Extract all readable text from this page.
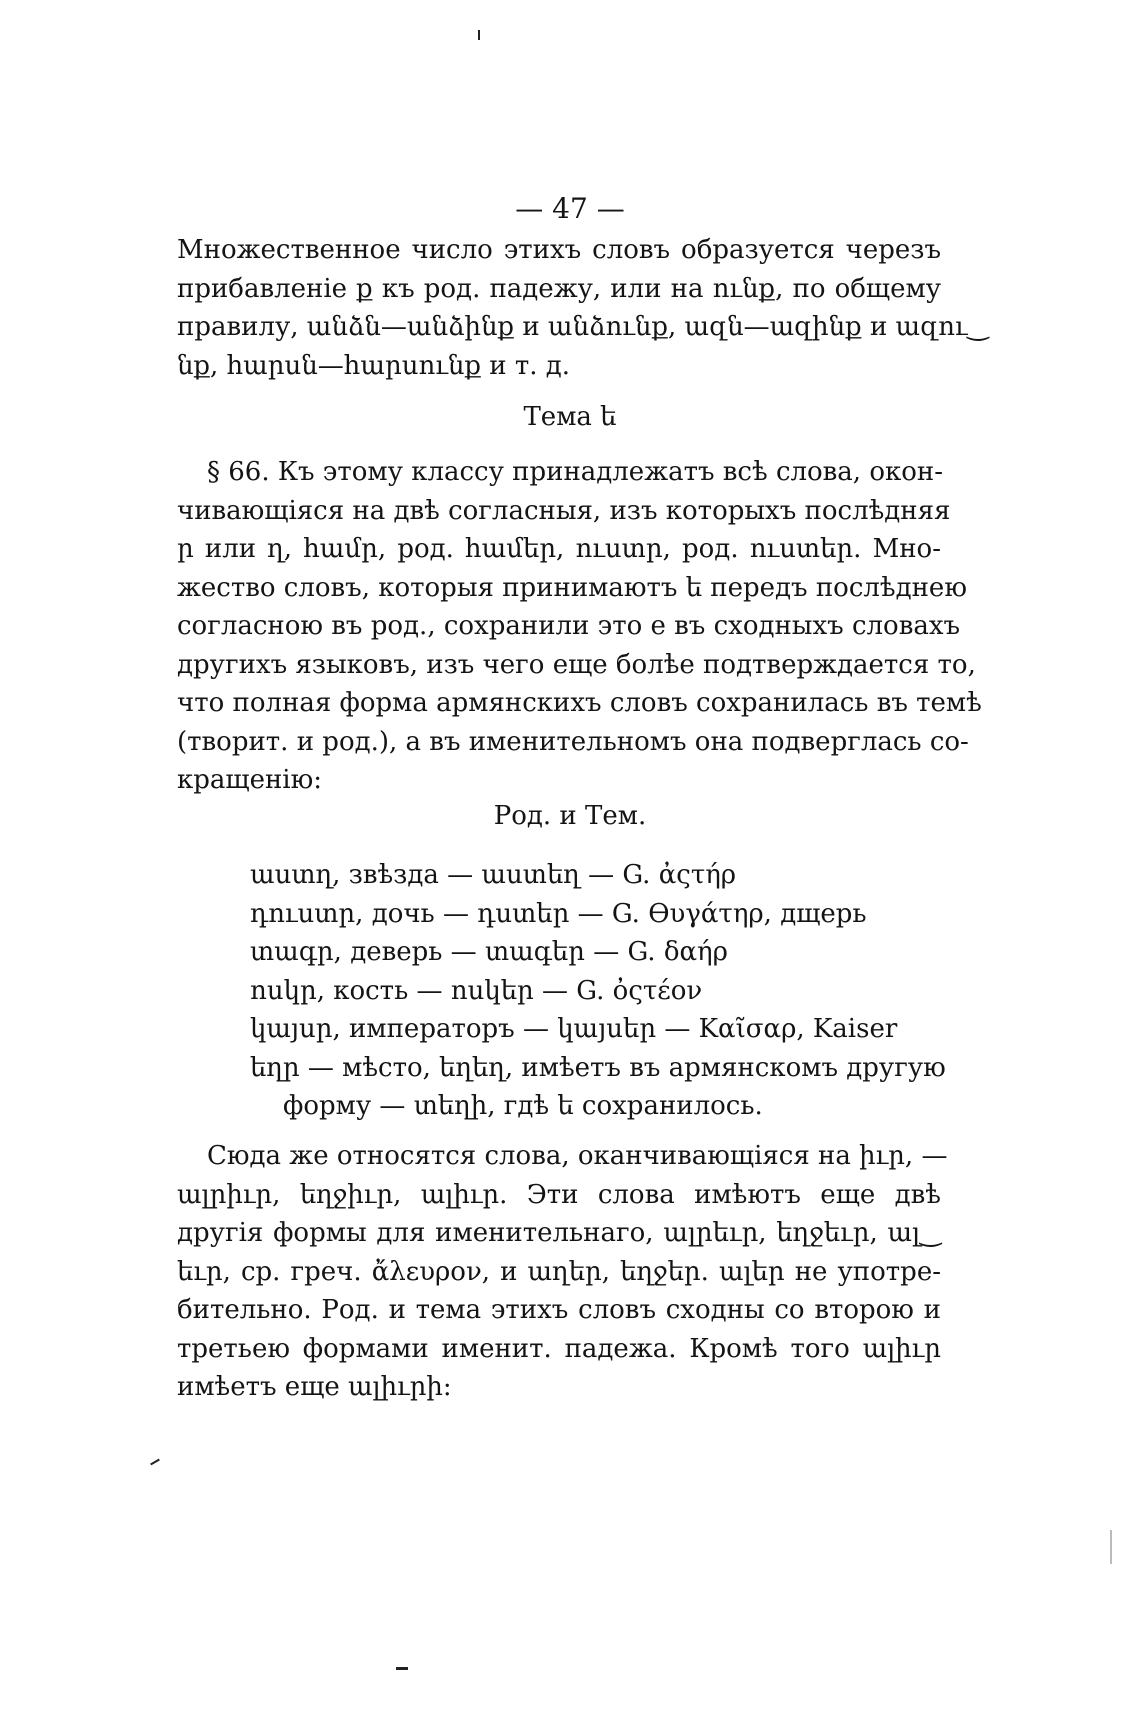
— 47 —
Множественное число этихъ словъ образуется черезъ
прибавленіе ք къ род. падежу, или на ունք, по общему
правилу, անձն—անձինք и անձունք, ազն—ազինք и ազու‿
նք, հարսն—հարսունք и т. д.
Тема ե
§ 66. Къ этому классу принадлежатъ всѣ слова, окон-
чивающіяся на двѣ согласныя, изъ которыхъ послѣдняя
ր или ղ, համր, род. համեր, ուստր, род. ուստեր. Мно-
жество словъ, которыя принимаютъ ե передъ послѣднею
согласною въ род., сохранили это е въ сходныхъ словахъ
другихъ языковъ, изъ чего еще болѣе подтверждается то,
что полная форма армянскихъ словъ сохранилась въ темѣ
(творит. и род.), а въ именительномъ она подверглась со-
кращенію:
Род. и Тем.
աստղ, звѣзда — աստեղ — G. ἀςτήρ
դուստր, дочь — դստեր — G. Ɵυγάτηρ, дщерь
տագր, деверь — տագեր — G. δαήρ
ոսկր, кость — ոսկեր — G. ὀςτέον
կայսր, императоръ — կայսեր — Καῖσαρ, Kaiser
եղր — мѣсто, եղեղ, имѣетъ въ армянскомъ другую
форму — տեղի, гдѣ ե сохранилось.
Сюда же относятся слова, оканчивающіяся на իւր, —
ալրիւր, եղջիւր, ալիւր. Эти слова имѣютъ еще двѣ
другія формы для именительнаго, ալրեւր, եղջեւր, ալ‿
եւր, ср. греч. ἄλευρον, и աղեր, եղջեր. ալեր не употре-
бительно. Род. и тема этихъ словъ сходны со второю и
третьею формами именит. падежа. Кромѣ того ալիւր
имѣетъ еще ալիւրի:
